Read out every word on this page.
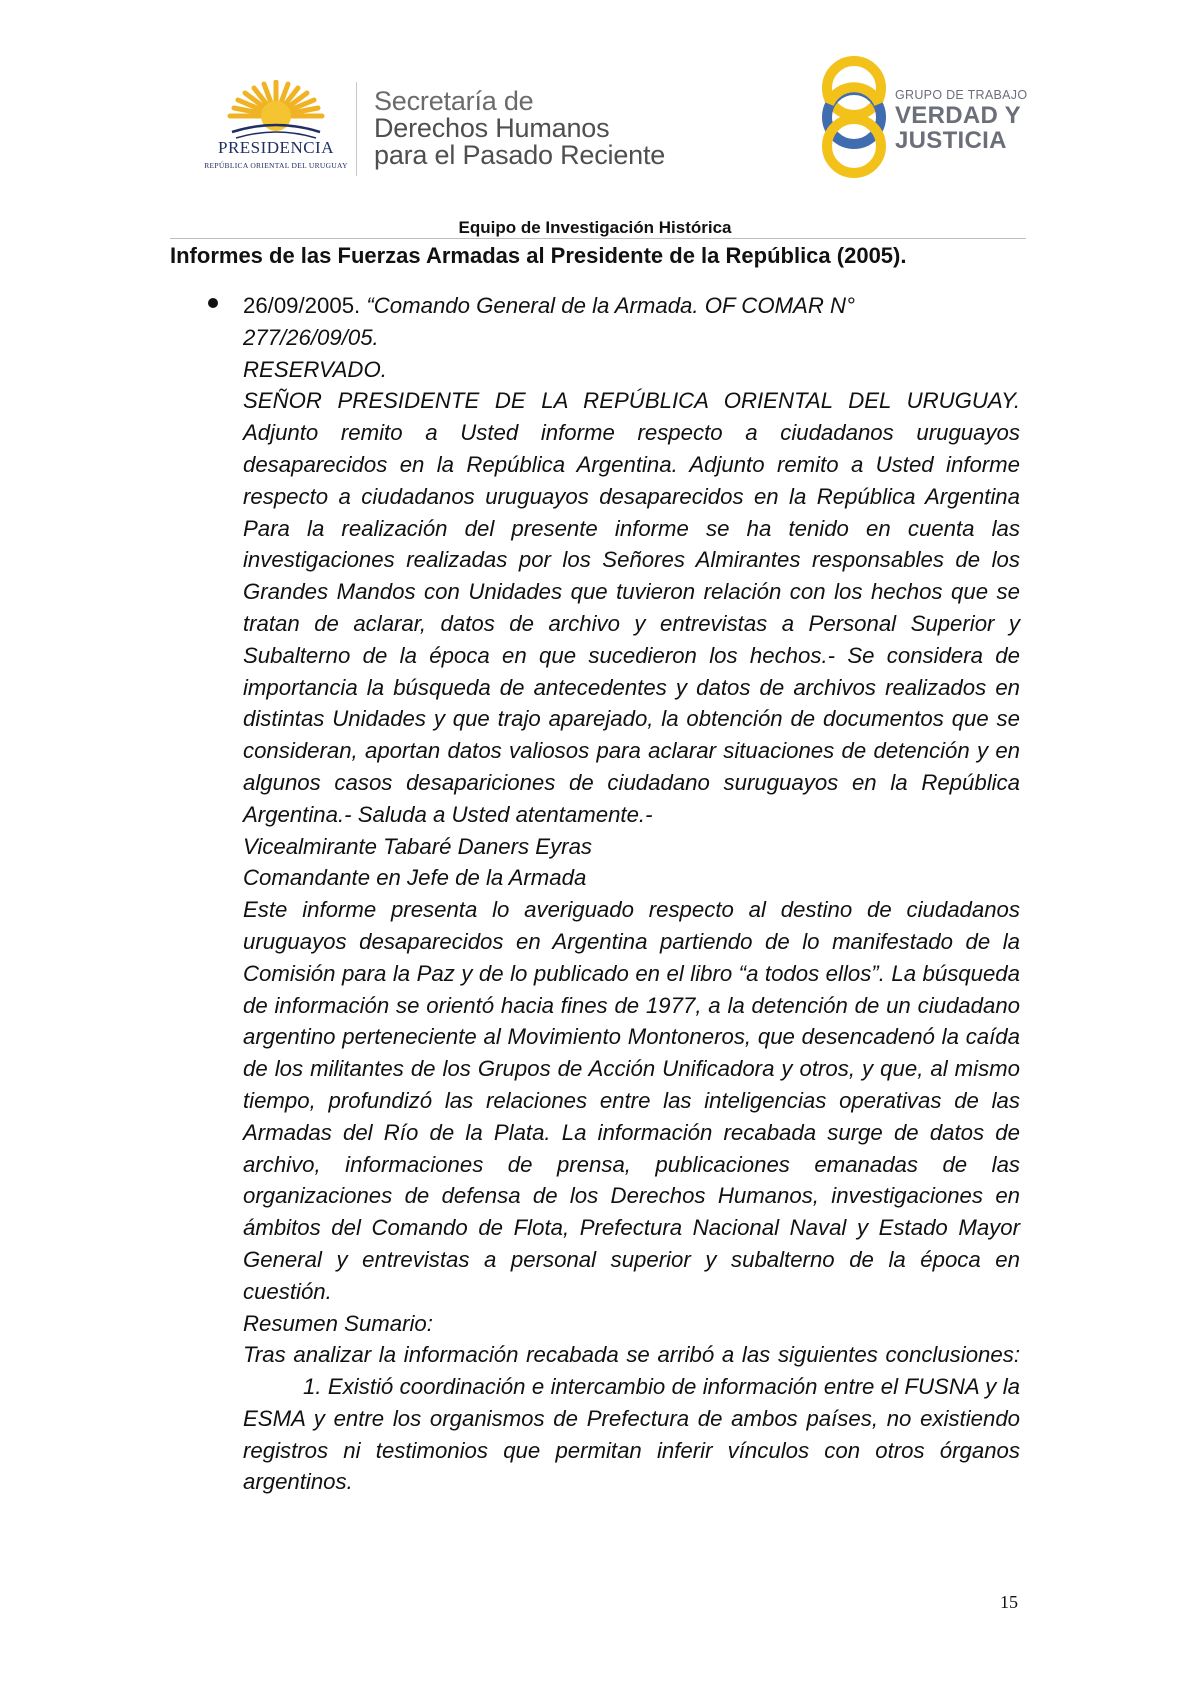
PRESIDENCIA
REPÚBLICA ORIENTAL DEL URUGUAY
Secretaría de
Derechos Humanos
para el Pasado Reciente
GRUPO DE TRABAJO
VERDAD Y
JUSTICIA
Equipo de Investigación Histórica
Informes de las Fuerzas Armadas al Presidente de la República (2005).
26/09/2005. “Comando General de la Armada. OF COMAR N°
277/26/09/05.
RESERVADO.
SEÑOR PRESIDENTE DE LA REPÚBLICA ORIENTAL DEL URUGUAY. Adjunto remito a Usted informe respecto a ciudadanos uruguayos desaparecidos en la República Argentina. Adjunto remito a Usted informe respecto a ciudadanos uruguayos desaparecidos en la República Argentina Para la realización del presente informe se ha tenido en cuenta las investigaciones realizadas por los Señores Almirantes responsables de los Grandes Mandos con Unidades que tuvieron relación con los hechos que se tratan de aclarar, datos de archivo y entrevistas a Personal Superior y Subalterno de la época en que sucedieron los hechos.- Se considera de importancia la búsqueda de antecedentes y datos de archivos realizados en distintas Unidades y que trajo aparejado, la obtención de documentos que se consideran, aportan datos valiosos para aclarar situaciones de detención y en algunos casos desapariciones de ciudadano suruguayos en la República Argentina.- Saluda a Usted atentamente.-
Vicealmirante Tabaré Daners Eyras
Comandante en Jefe de la Armada
Este informe presenta lo averiguado respecto al destino de ciudadanos uruguayos desaparecidos en Argentina partiendo de lo manifestado de la Comisión para la Paz y de lo publicado en el libro “a todos ellos”. La búsqueda de información se orientó hacia fines de 1977, a la detención de un ciudadano argentino perteneciente al Movimiento Montoneros, que desencadenó la caída de los militantes de los Grupos de Acción Unificadora y otros, y que, al mismo tiempo, profundizó las relaciones entre las inteligencias operativas de las Armadas del Río de la Plata. La información recabada surge de datos de archivo, informaciones de prensa, publicaciones emanadas de las organizaciones de defensa de los Derechos Humanos, investigaciones en ámbitos del Comando de Flota, Prefectura Nacional Naval y Estado Mayor General y entrevistas a personal superior y subalterno de la época en cuestión.
Resumen Sumario:
Tras analizar la información recabada se arribó a las siguientes conclusiones:1. Existió coordinación e intercambio de información entre el FUSNA y la ESMA y entre los organismos de Prefectura de ambos países, no existiendo registros ni testimonios que permitan inferir vínculos con otros órganos argentinos.
15
